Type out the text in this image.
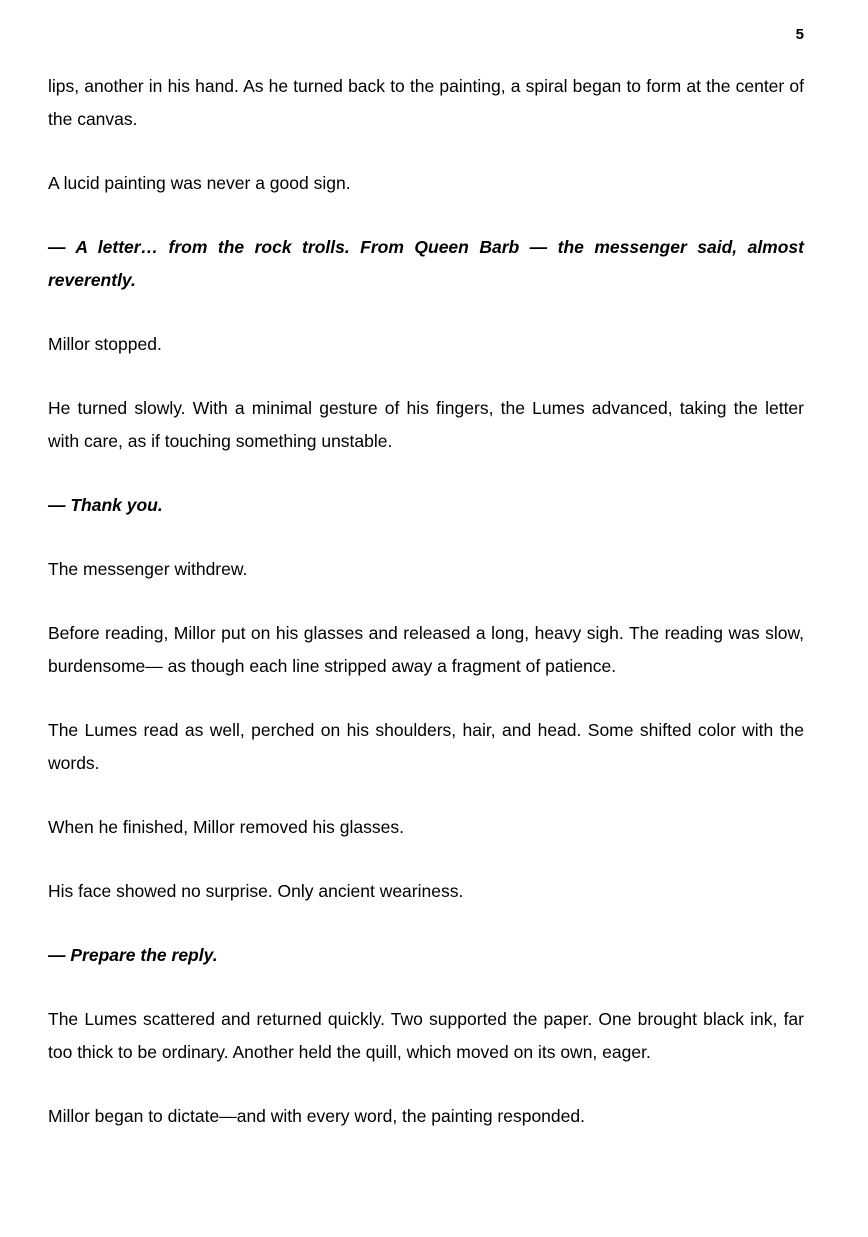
5

lips, another in his hand. As he turned back to the painting, a spiral began to form at the center of the canvas.

A lucid painting was never a good sign.

— A letter… from the rock trolls. From Queen Barb — the messenger said, almost reverently.

Millor stopped.

He turned slowly. With a minimal gesture of his fingers, the Lumes advanced, taking the letter with care, as if touching something unstable.

— Thank you.

The messenger withdrew.

Before reading, Millor put on his glasses and released a long, heavy sigh. The reading was slow, burdensome— as though each line stripped away a fragment of patience.

The Lumes read as well, perched on his shoulders, hair, and head. Some shifted color with the words.

When he finished, Millor removed his glasses.

His face showed no surprise. Only ancient weariness.

— Prepare the reply.

The Lumes scattered and returned quickly. Two supported the paper. One brought black ink, far too thick to be ordinary. Another held the quill, which moved on its own, eager.

Millor began to dictate—and with every word, the painting responded.
